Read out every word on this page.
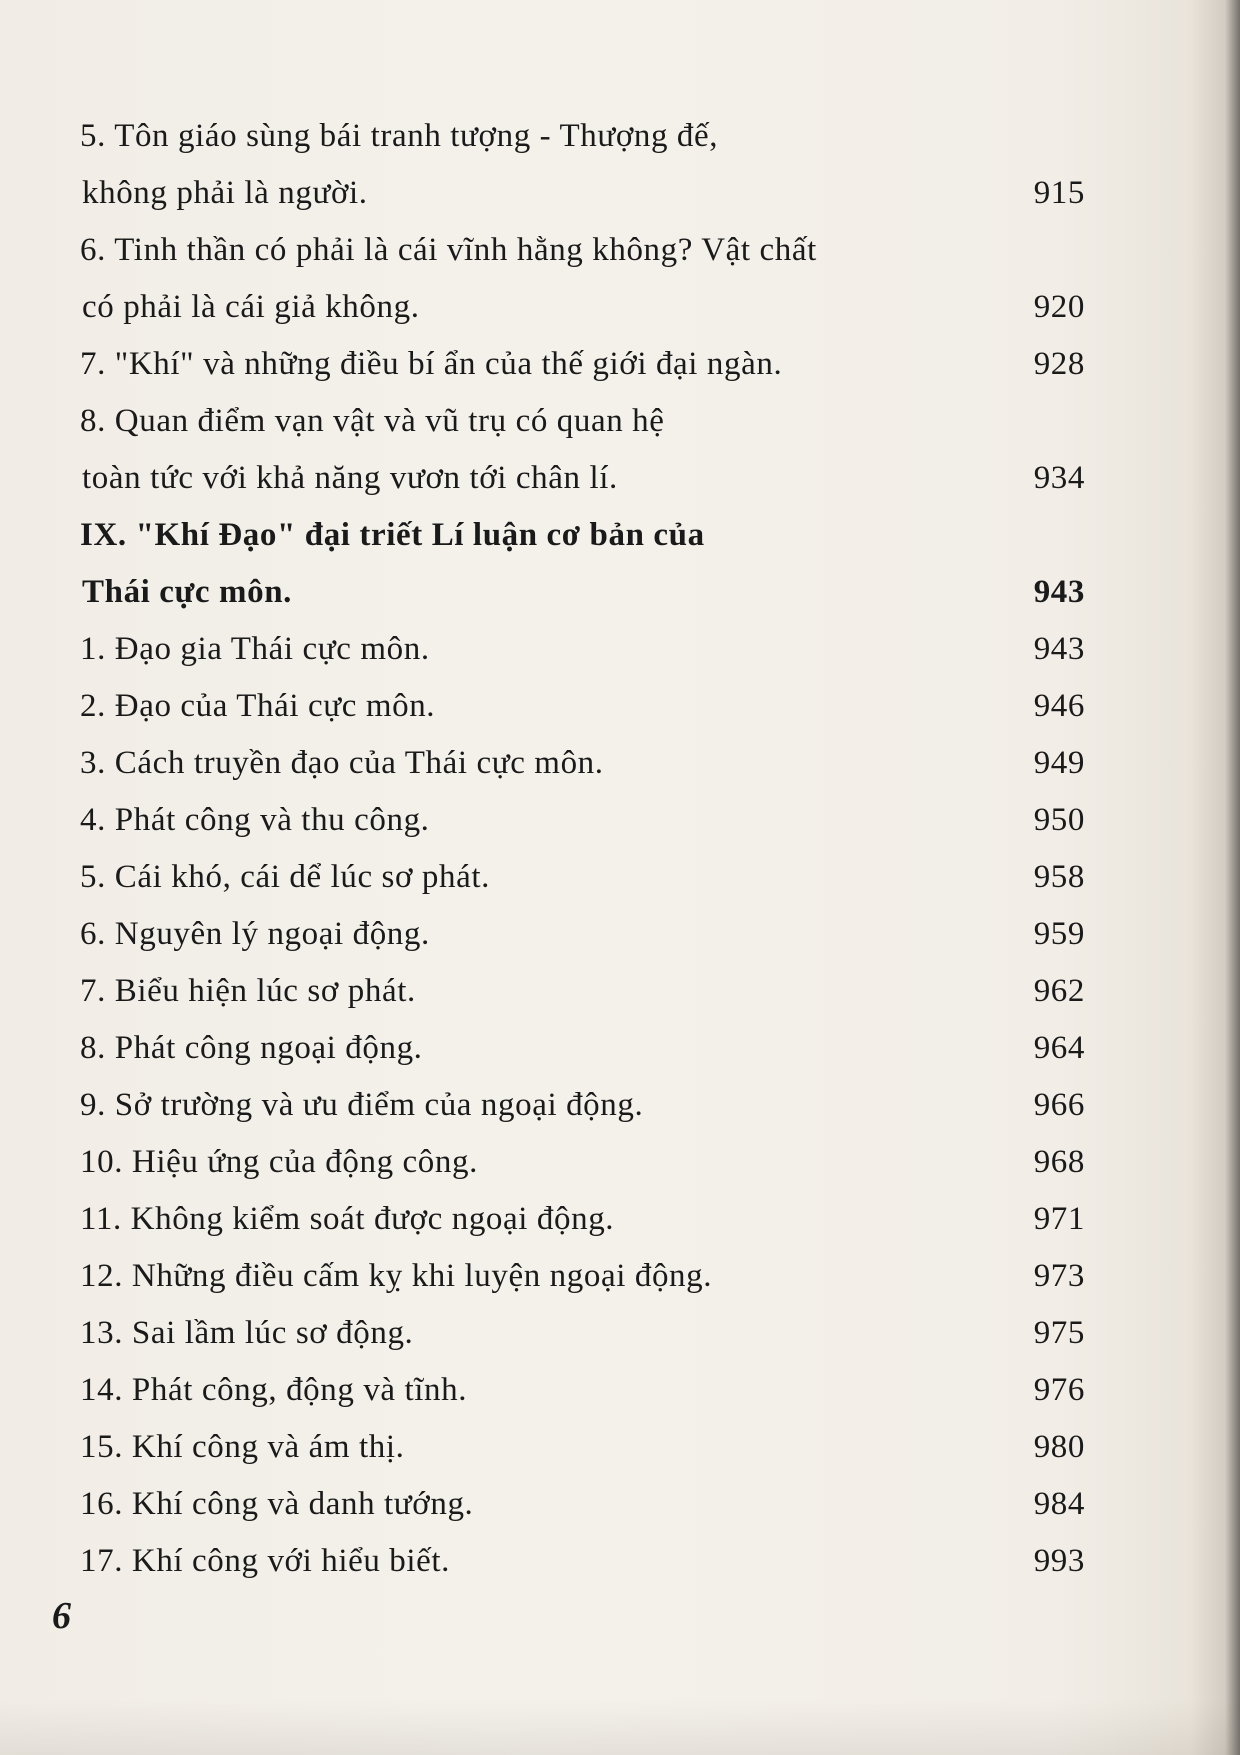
5. Tôn giáo sùng bái tranh tượng - Thượng đế,
không phải là người.	915
6. Tinh thần có phải là cái vĩnh hằng không? Vật chất
có phải là cái giả không.	920
7. "Khí" và những điều bí ẩn của thế giới đại ngàn.	928
8. Quan điểm vạn vật và vũ trụ có quan hệ
toàn tức với khả năng vươn tới chân lí.	934
IX. "Khí Đạo" đại triết Lí luận cơ bản của
Thái cực môn.	943
1. Đạo gia Thái cực môn.	943
2. Đạo của Thái cực môn.	946
3. Cách truyền đạo của Thái cực môn.	949
4. Phát công và thu công.	950
5. Cái khó, cái dể lúc sơ phát.	958
6. Nguyên lý ngoại động.	959
7. Biểu hiện lúc sơ phát.	962
8. Phát công ngoại động.	964
9. Sở trường và ưu điểm của ngoại động.	966
10. Hiệu ứng của động công.	968
11. Không kiểm soát được ngoại động.	971
12. Những điều cấm kỵ khi luyện ngoại động.	973
13. Sai lầm lúc sơ động.	975
14. Phát công, động và tĩnh.	976
15. Khí công và ám thị.	980
16. Khí công và danh tướng.	984
17. Khí công với hiểu biết.	993
6
